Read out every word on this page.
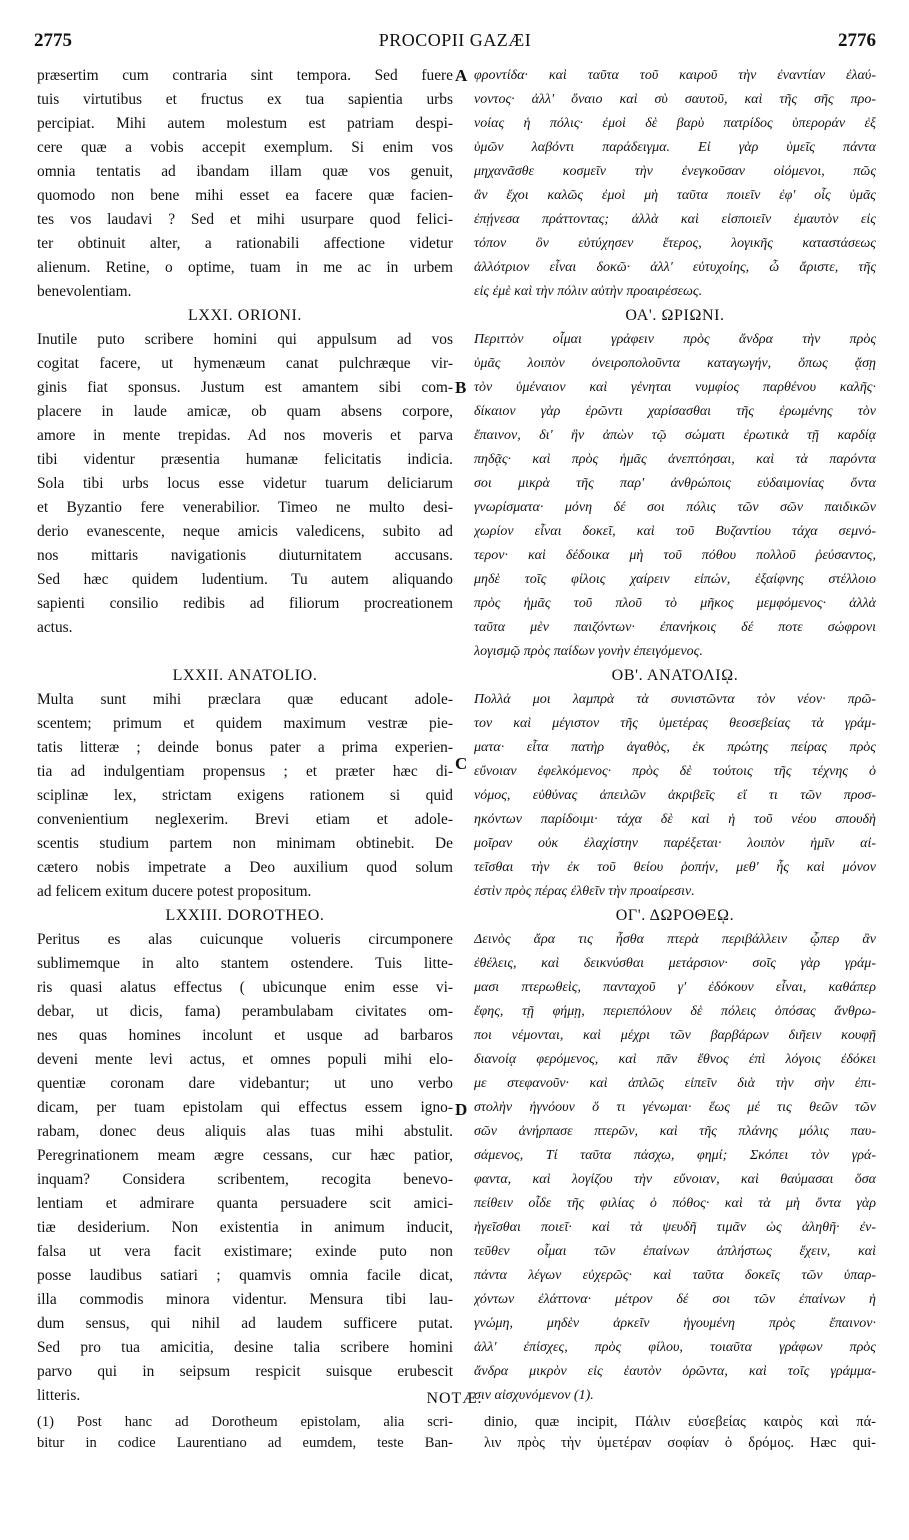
2775	PROCOPII GAZÆI	2776
præsertim cum contraria sint tempora. Sed fuere
tuis virtutibus et fructus ex tua sapientia urbs
percipiat. Mihi autem molestum est patriam despi-
cere quæ a vobis accepit exemplum. Si enim vos
omnia tentatis ad ibandam illam quæ vos genuit,
quomodo non bene mihi esset ea facere quæ facien-
tes vos laudavi ? Sed et mihi usurpare quod felici-
ter obtinuit alter, a rationabili affectione videtur
alienum. Retine, o optime, tuam in me ac in urbem
benevolentiam.
LXXI. ORIONI.
Inutile puto scribere homini qui appulsum ad vos
cogitat facere, ut hymenæum canat pulchræque vir-
ginis fiat sponsus. Justum est amantem sibi com-
placere in laude amicæ, ob quam absens corpore,
amore in mente trepidas. Ad nos moveris et parva
tibi videntur præsentia humanæ felicitatis indicia.
Sola tibi urbs locus esse videtur tuarum deliciarum
et Byzantio fere venerabilior. Timeo ne multo desi-
derio evanescente, neque amicis valedicens, subito ad
nos mittaris navigationis diuturnitatem accusans.
Sed hæc quidem ludentium. Tu autem aliquando
sapienti consilio redibis ad filiorum procreationem
actus.
LXXII. ANATOLIO.
Multa sunt mihi præclara quæ educant adole-
scentem; primum et quidem maximum vestræ pie-
tatis litteræ ; deinde bonus pater a prima experien-
tia ad indulgentiam propensus ; et præter hæc di-
sciplinæ lex, strictam exigens rationem si quid
convenientium neglexerim. Brevi etiam et adole-
scentis studium partem non minimam obtinebit. De
cætero nobis impetrate a Deo auxilium quod solum
ad felicem exitum ducere potest propositum.
LXXIII. DOROTHEO.
Peritus es alas cuicunque volueris circumponere
sublimemque in alto stantem ostendere. Tuis litte-
ris quasi alatus effectus ( ubicunque enim esse vi-
debar, ut dicis, fama) perambulabam civitates om-
nes quas homines incolunt et usque ad barbaros
deveni mente levi actus, et omnes populi mihi elo-
quentiæ coronam dare videbantur; ut uno verbo
dicam, per tuam epistolam qui effectus essem igno-
rabam, donec deus aliquis alas tuas mihi abstulit.
Peregrinationem meam ægre cessans, cur hæc patior,
inquam? Considera scribentem, recogita benevo-
lentiam et admirare quanta persuadere scit amici-
tiæ desiderium. Non existentia in animum inducit,
falsa ut vera facit existimare; exinde puto non
posse laudibus satiari ; quamvis omnia facile dicat,
illa commodis minora videntur. Mensura tibi lau-
dum sensus, qui nihil ad laudem sufficere putat.
Sed pro tua amicitia, desine talia scribere homini
parvo qui in seipsum respicit suisque erubescit
litteris.
φροντίδα· καὶ ταῦτα τοῦ καιροῦ τὴν ἐναντίαν ἐλαύ-
νοντος· ἀλλ' ὄναιο καὶ σὺ σαυτοῦ, καὶ τῆς σῆς προ-
νοίας ἡ πόλις· ἐμοὶ δὲ βαρὺ πατρίδος ὑπεροράν ἐξ
ὑμῶν λαβόντι παράδειγμα. Εἰ γὰρ ὑμεῖς πάντα
μηχανᾶσθε κοσμεῖν τὴν ἐνεγκοῦσαν οἰόμενοι, πῶς
ἂν ἔχοι καλῶς ἐμοὶ μὴ ταῦτα ποιεῖν ἐφ' οἷς ὑμᾶς
ἐπῄνεσα πράττοντας; ἀλλὰ καὶ εἰσποιεῖν ἐμαυτὸν εἰς
τόπον ὃν εὐτύχησεν ἕτερος, λογικῆς καταστάσεως
ἀλλότριον εἶναι δοκῶ· ἀλλ' εὐτυχοίης, ὦ ἄριστε, τῆς
εἰς ἐμὲ καὶ τὴν πόλιν αὐτὴν προαιρέσεως.
ΟΑ'. ΩΡΙΩΝΙ.
Περιττὸν οἶμαι γράφειν πρὸς ἄνδρα τὴν πρὸς
ὑμᾶς λοιπὸν ὀνειροπολοῦντα καταγωγήν, ὅπως ᾄσῃ
τὸν ὑμέναιον καὶ γένηται νυμφίος παρθένου καλῆς·
δίκαιον γὰρ ἐρῶντι χαρίσασθαι τῆς ἐρωμένης τὸν
ἔπαινον, δι' ἣν ἀπὼν τῷ σώματι ἐρωτικὰ τῇ καρδίᾳ
πηδᾷς· καὶ πρὸς ἡμᾶς ἀνεπτόησαι, καὶ τὰ παρόντα
σοι μικρὰ τῆς παρ' ἀνθρώποις εὐδαιμονίας ὄντα
γνωρίσματα· μόνη δέ σοι πόλις τῶν σῶν παιδικῶν
χωρίον εἶναι δοκεῖ, καὶ τοῦ Βυζαντίου τάχα σεμνό-
τερον· καὶ δέδοικα μὴ τοῦ πόθου πολλοῦ ῥεύσαντος,
μηδὲ τοῖς φίλοις χαίρειν εἰπών, ἐξαίφνης στέλλοιο
πρὸς ἡμᾶς τοῦ πλοῦ τὸ μῆκος μεμφόμενος· ἀλλὰ
ταῦτα μὲν παιζόντων· ἐπανήκοις δέ ποτε σώφρονι
λογισμῷ πρὸς παίδων γονὴν ἐπειγόμενος.
ΟΒ'. ΑΝΑΤΟΛΙῼ.
Πολλά μοι λαμπρὰ τὰ συνιστῶντα τὸν νέον· πρῶ-
τον καὶ μέγιστον τῆς ὑμετέρας θεοσεβείας τὰ γράμ-
ματα· εἶτα πατὴρ ἀγαθὸς, ἐκ πρώτης πείρας πρὸς
εὔνοιαν ἐφελκόμενος· πρὸς δὲ τούτοις τῆς τέχνης ὁ
νόμος, εὐθύνας ἀπειλῶν ἀκριβεῖς εἴ τι τῶν προσ-
ηκόντων παρίδοιμι· τάχα δὲ καὶ ἡ τοῦ νέου σπουδὴ
μοῖραν οὐκ ἐλαχίστην παρέξεται· λοιπὸν ἡμῖν αἰ-
τεῖσθαι τὴν ἐκ τοῦ θείου ῥοπήν, μεθ' ἧς καὶ μόνον
ἐστὶν πρὸς πέρας ἐλθεῖν τὴν προαίρεσιν.
ΟΓ'. ΔΩΡΟΘΕῼ.
Δεινὸς ἄρα τις ἦσθα πτερὰ περιβάλλειν ᾧπερ ἂν
ἐθέλεις, καὶ δεικνύσθαι μετάρσιον· σοῖς γὰρ γράμ-
μασι πτερωθεὶς, πανταχοῦ γ' ἐδόκουν εἶναι, καθάπερ
ἔφης, τῇ φήμῃ, περιεπόλουν δὲ πόλεις ὁπόσας ἄνθρω-
ποι νέμονται, καὶ μέχρι τῶν βαρβάρων διῆειν κουφῇ
διανοίᾳ φερόμενος, καὶ πᾶν ἔθνος ἐπὶ λόγοις ἐδόκει
με στεφανοῦν· καὶ ἁπλῶς εἰπεῖν διὰ τὴν σὴν ἐπι-
στολὴν ἠγνόουν ὅ τι γένωμαι· ἕως μέ τις θεῶν τῶν
σῶν ἀνήρπασε πτερῶν, καὶ τῆς πλάνης μόλις παυ-
σάμενος, Τί ταῦτα πάσχω, φημί; Σκόπει τὸν γρά-
φαντα, καὶ λογίζου τὴν εὔνοιαν, καὶ θαύμασαι ὅσα
πείθειν οἶδε τῆς φιλίας ὁ πόθος· καὶ τὰ μὴ ὄντα γὰρ
ἡγεῖσθαι ποιεῖ· καὶ τὰ ψευδῆ τιμᾶν ὡς ἀληθῆ· ἐν-
τεῦθεν οἶμαι τῶν ἐπαίνων ἀπλήστως ἔχειν, καὶ
πάντα λέγων εὐχερῶς· καὶ ταῦτα δοκεῖς τῶν ὑπαρ-
χόντων ἐλάττονα· μέτρον δέ σοι τῶν ἐπαίνων ἡ
γνώμη, μηδὲν ἀρκεῖν ἡγουμένη πρὸς ἔπαινον·
ἀλλ' ἐπίσχες, πρὸς φίλου, τοιαῦτα γράφων πρὸς
ἄνδρα μικρὸν εἰς ἑαυτὸν ὁρῶντα, καὶ τοῖς γράμμα-
σιν αἰσχυνόμενον (1).
A
B
C
D
NOTÆ.
(1) Post hanc ad Dorotheum epistolam, alia scri-
bitur in codice Laurentiano ad eumdem, teste Ban-
dinio, quæ incipit, Πάλιν εὐσεβείας καιρὸς καὶ πά-
λιν πρὸς τὴν ὑμετέραν σοφίαν ὁ δρόμος. Hæc qui-
